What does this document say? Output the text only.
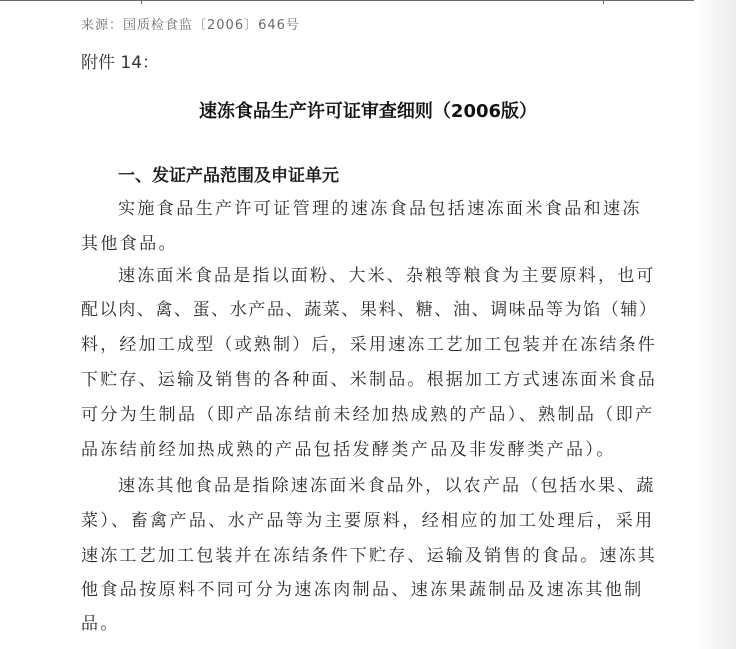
来源：国质检食监〔2006〕646号
附件 14：
速冻食品生产许可证审查细则（2006版）
一、发证产品范围及申证单元
实施食品生产许可证管理的速冻食品包括速冻面米食品和速冻
其他食品。
速冻面米食品是指以面粉、大米、杂粮等粮食为主要原料，也可
配以肉、禽、蛋、水产品、蔬菜、果料、糖、油、调味品等为馅（辅）
料，经加工成型（或熟制）后，采用速冻工艺加工包装并在冻结条件
下贮存、运输及销售的各种面、米制品。根据加工方式速冻面米食品
可分为生制品（即产品冻结前未经加热成熟的产品）、熟制品（即产
品冻结前经加热成熟的产品包括发酵类产品及非发酵类产品）。
速冻其他食品是指除速冻面米食品外，以农产品（包括水果、蔬
菜）、畜禽产品、水产品等为主要原料，经相应的加工处理后，采用
速冻工艺加工包装并在冻结条件下贮存、运输及销售的食品。速冻其
他食品按原料不同可分为速冻肉制品、速冻果蔬制品及速冻其他制
品。
